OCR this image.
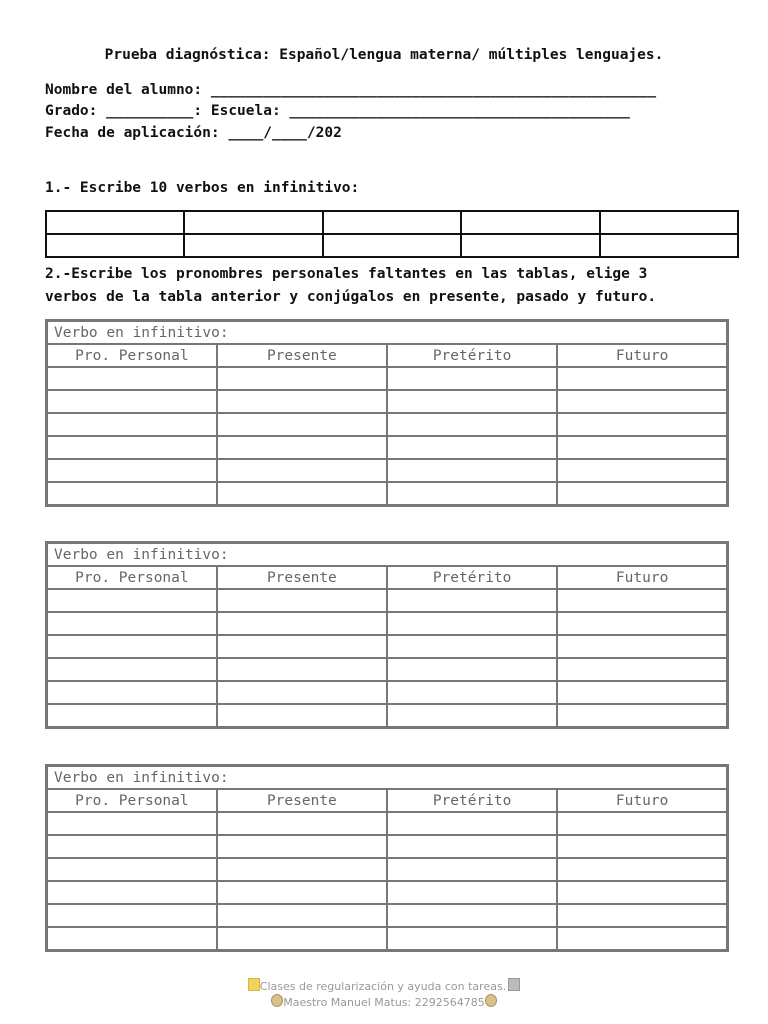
Prueba diagnóstica: Español/lengua materna/ múltiples lenguajes.
Nombre del alumno: ___________________________________________________
Grado: __________: Escuela: _______________________________________
Fecha de aplicación: ____/____/202
1.- Escribe 10 verbos en infinitivo:

2.-Escribe los pronombres personales faltantes en las tablas, elige 3
verbos de la tabla anterior y conjúgalos en presente, pasado y futuro.
Verbo en infinitivo:			
Pro. Personal	Presente	Pretérito	Futuro

Verbo en infinitivo:			
Pro. Personal	Presente	Pretérito	Futuro

Verbo en infinitivo:			
Pro. Personal	Presente	Pretérito	Futuro

Clases de regularización y ayuda con tareas.
Maestro Manuel Matus: 2292564785
